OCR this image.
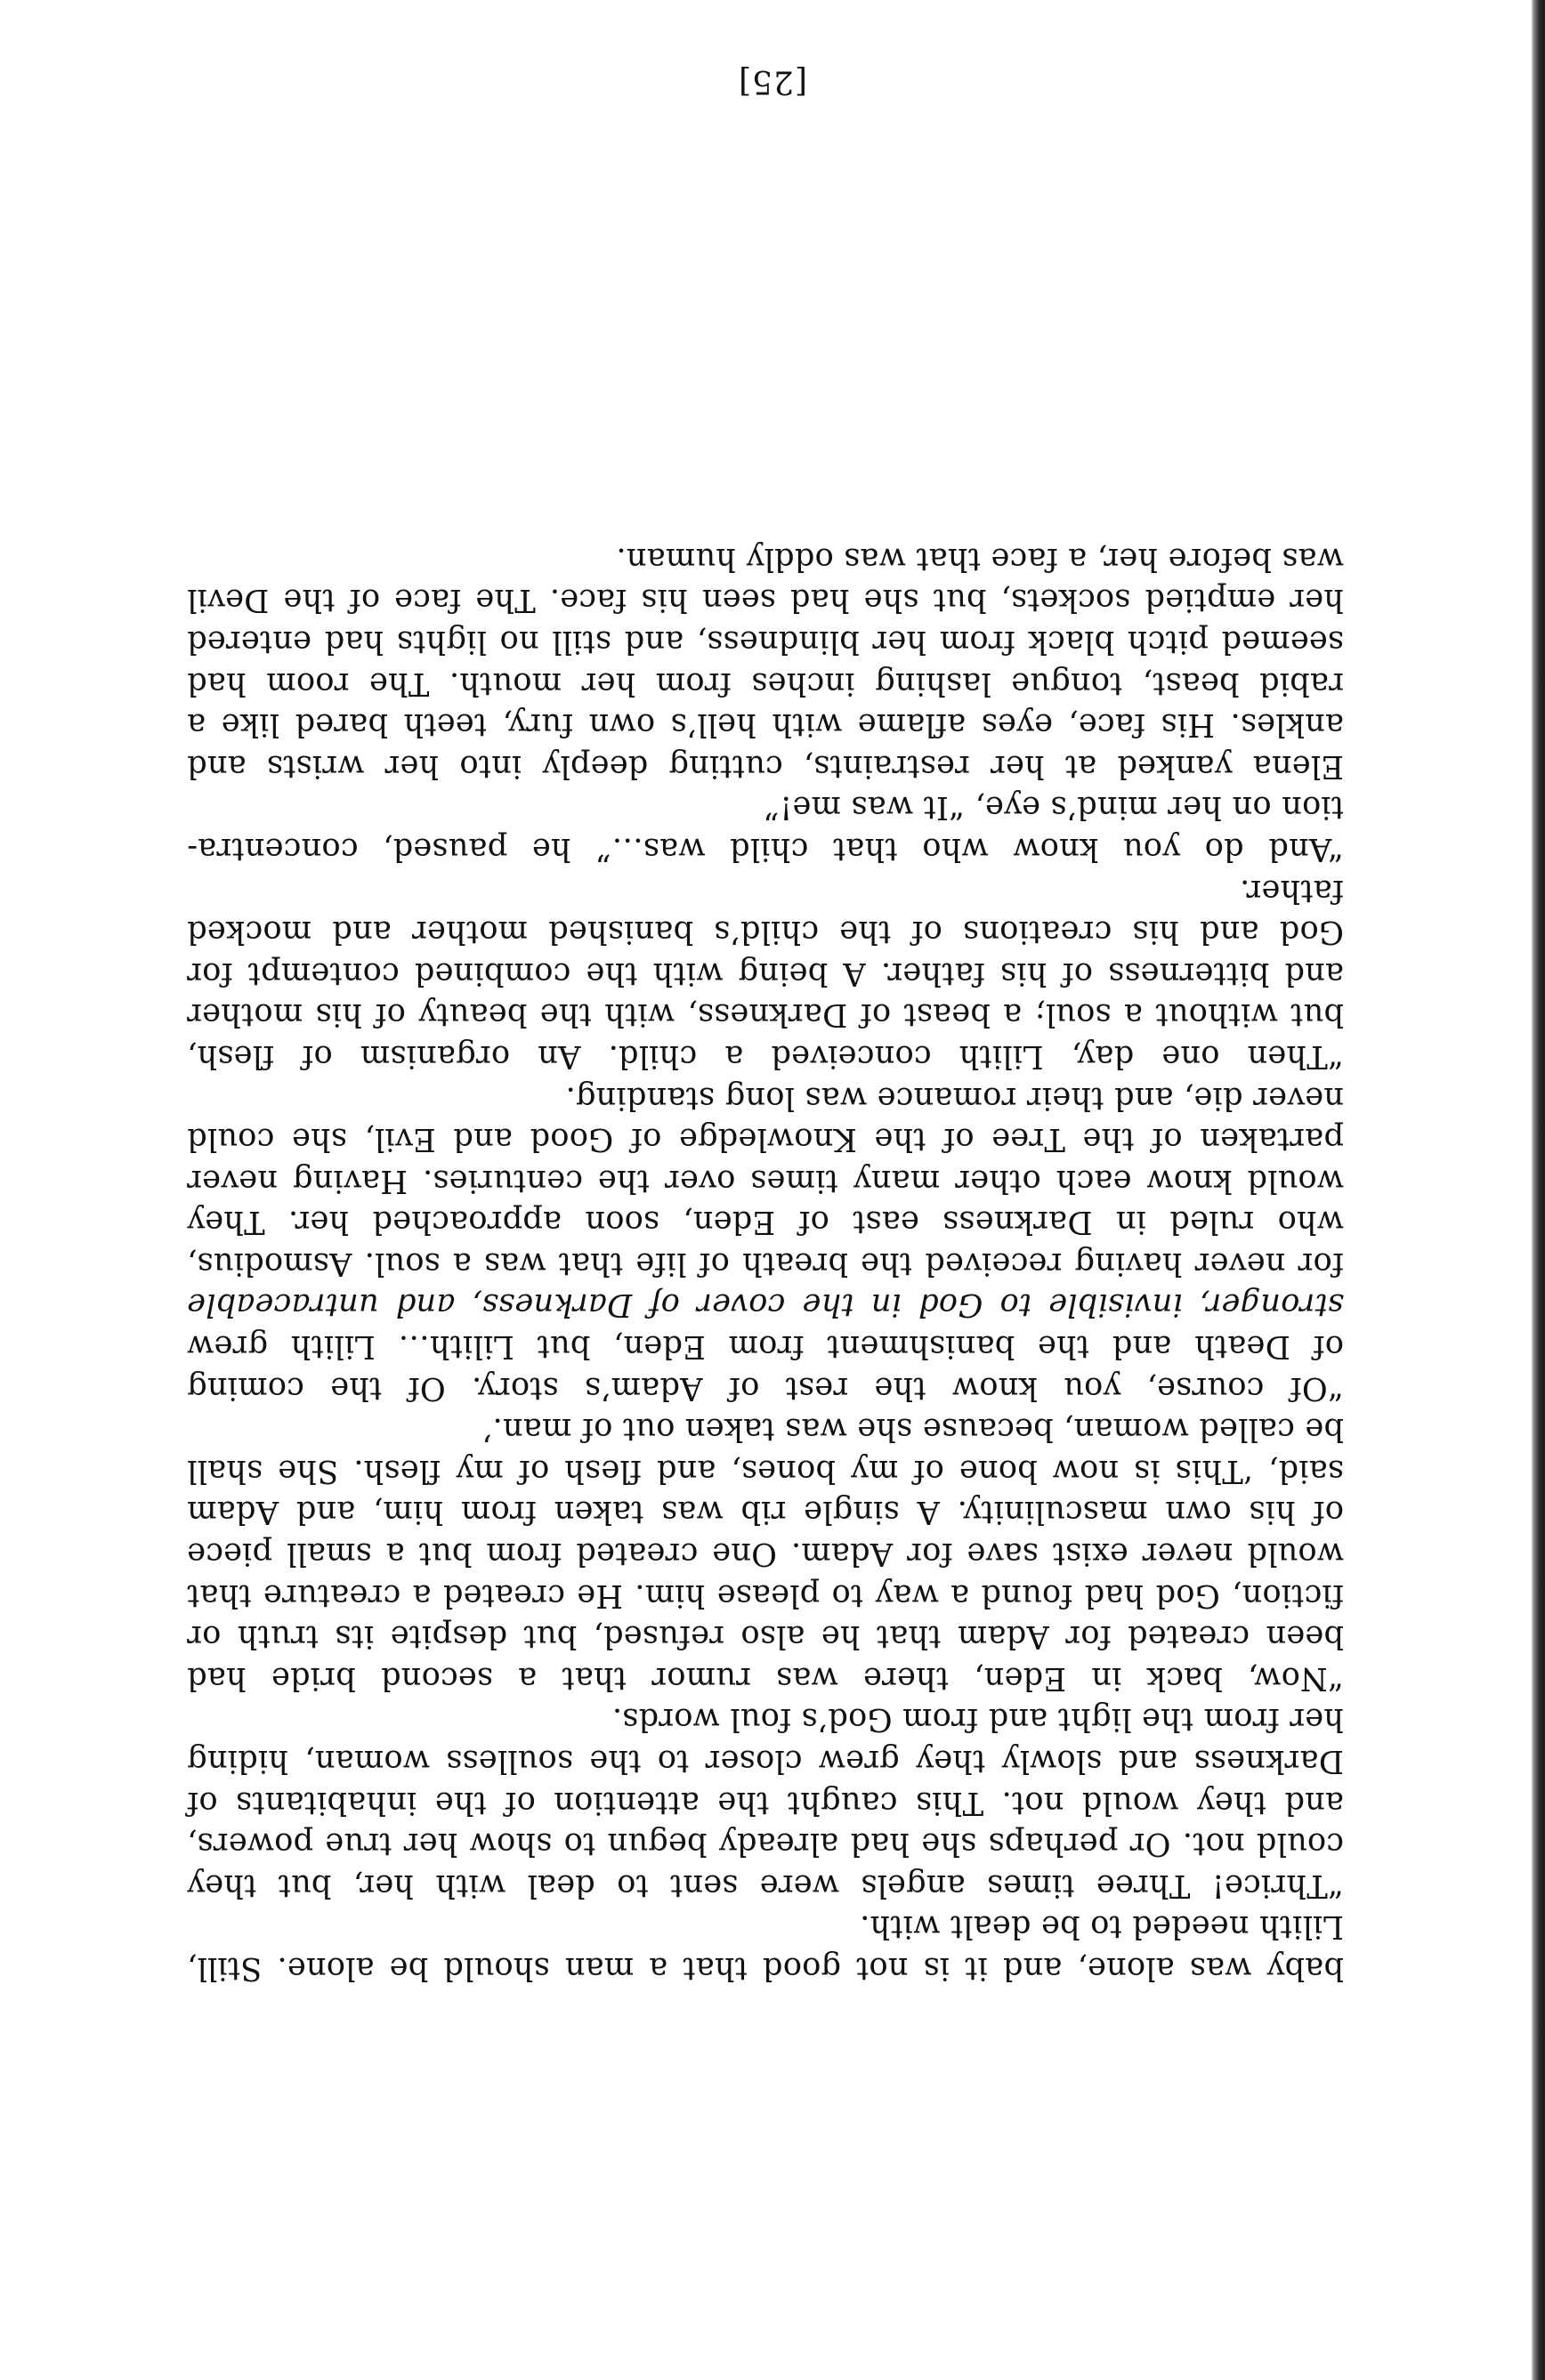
baby was alone, and it is not good that a man should be alone. Still,
Lilith needed to be dealt with.

“Thrice! Three times angels were sent to deal with her, but they
could not. Or perhaps she had already begun to show her true powers,
and they would not. This caught the attention of the inhabitants of
Darkness and slowly they grew closer to the soulless woman, hiding
her from the light and from God’s foul words.

“Now, back in Eden, there was rumor that a second bride had
been created for Adam that he also refused, but despite its truth or
fiction, God had found a way to please him. He created a creature that
would never exist save for Adam. One created from but a small piece
of his own masculinity. A single rib was taken from him, and Adam
said, ‘This is now bone of my bones, and flesh of my flesh. She shall
be called woman, because she was taken out of man.’

“Of course, you know the rest of Adam’s story. Of the coming
of Death and the banishment from Eden, but Lilith… Lilith grew
stronger, invisible to God in the cover of Darkness, and untraceable
for never having received the breath of life that was a soul. Asmodius,
who ruled in Darkness east of Eden, soon approached her. They
would know each other many times over the centuries. Having never
partaken of the Tree of the Knowledge of Good and Evil, she could
never die, and their romance was long standing.

“Then one day, Lilith conceived a child. An organism of flesh,
but without a soul; a beast of Darkness, with the beauty of his mother
and bitterness of his father. A being with the combined contempt for
God and his creations of the child’s banished mother and mocked
father.

“And do you know who that child was…” he paused, concentra-
tion on her mind’s eye, “It was me!”

Elena yanked at her restraints, cutting deeply into her wrists and
ankles. His face, eyes aflame with hell’s own fury, teeth bared like a
rabid beast, tongue lashing inches from her mouth. The room had
seemed pitch black from her blindness, and still no lights had entered
her emptied sockets, but she had seen his face. The face of the Devil
was before her, a face that was oddly human.

[25]
